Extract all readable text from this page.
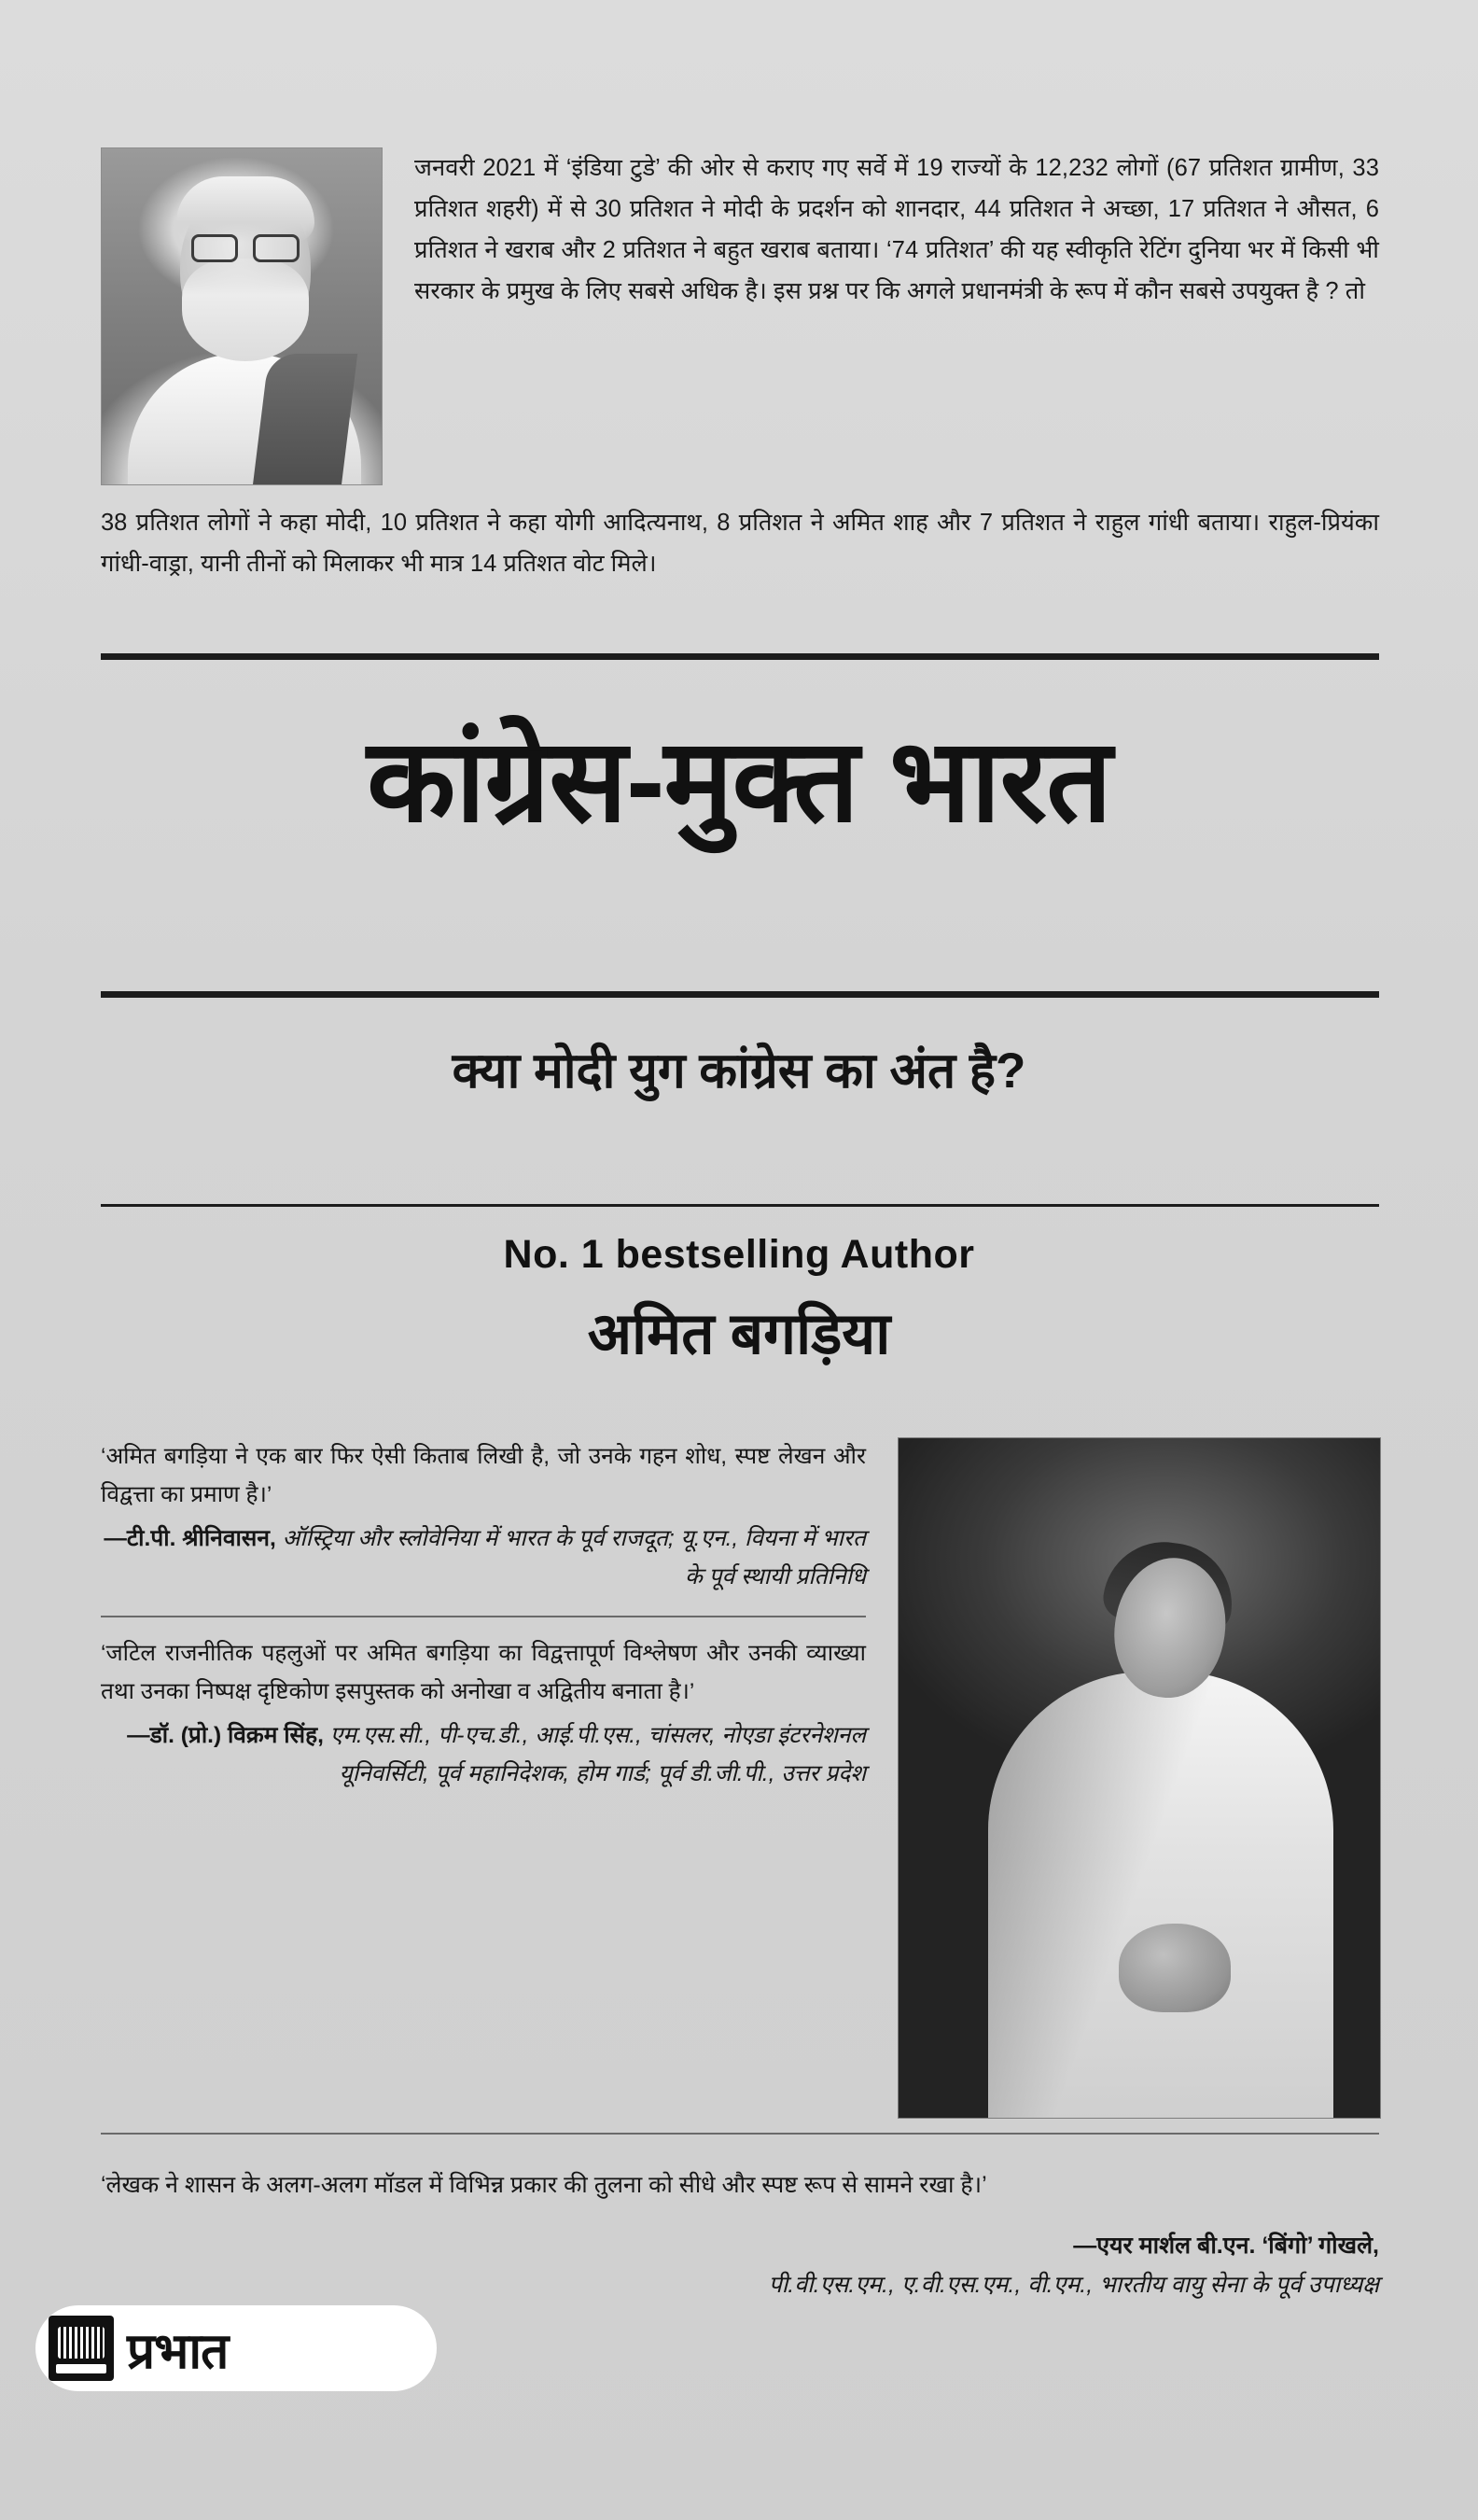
जनवरी 2021 में ‘इंडिया टुडे’ की ओर से कराए गए सर्वे में 19 राज्यों के 12,232 लोगों (67 प्रतिशत ग्रामीण, 33 प्रतिशत शहरी) में से 30 प्रतिशत ने मोदी के प्रदर्शन को शानदार, 44 प्रतिशत ने अच्छा, 17 प्रतिशत ने औसत, 6 प्रतिशत ने खराब और 2 प्रतिशत ने बहुत खराब बताया। ‘74 प्रतिशत’ की यह स्वीकृति रेटिंग दुनिया भर में किसी भी सरकार के प्रमुख के लिए सबसे अधिक है। इस प्रश्न पर कि अगले प्रधानमंत्री के रूप में कौन सबसे उपयुक्त है ? तो
38 प्रतिशत लोगों ने कहा मोदी, 10 प्रतिशत ने कहा योगी आदित्यनाथ, 8 प्रतिशत ने अमित शाह और 7 प्रतिशत ने राहुल गांधी बताया। राहुल-प्रियंका गांधी-वाड्रा, यानी तीनों को मिलाकर भी मात्र 14 प्रतिशत वोट मिले।
कांग्रेस-मुक्त भारत
क्या मोदी युग कांग्रेस का अंत है?
No. 1 bestselling Author
अमित बगड़िया

‘अमित बगड़िया ने एक बार फिर ऐसी किताब लिखी है, जो उनके गहन शोध, स्पष्ट लेखन और विद्वत्ता का प्रमाण है।’

—टी.पी. श्रीनिवासन, ऑस्ट्रिया और स्लोवेनिया में भारत के पूर्व राजदूत; यू.एन., वियना में भारत के पूर्व स्थायी प्रतिनिधि

‘जटिल राजनीतिक पहलुओं पर अमित बगड़िया का विद्वत्तापूर्ण विश्लेषण और उनकी व्याख्या तथा उनका निष्पक्ष दृष्टिकोण इसपुस्तक को अनोखा व अद्वितीय बनाता है।’

—डॉ. (प्रो.) विक्रम सिंह, एम.एस.सी., पी-एच.डी., आई.पी.एस., चांसलर, नोएडा इंटरनेशनल यूनिवर्सिटी, पूर्व महानिदेशक, होम गार्ड; पूर्व डी.जी.पी., उत्तर प्रदेश

‘लेखक ने शासन के अलग-अलग मॉडल में विभिन्न प्रकार की तुलना को सीधे और स्पष्ट रूप से सामने रखा है।’
—एयर मार्शल बी.एन. ‘बिंगो’ गोखले,
पी.वी.एस.एम., ए.वी.एस.एम., वी.एम., भारतीय वायु सेना के पूर्व उपाध्यक्ष
प्रभात
